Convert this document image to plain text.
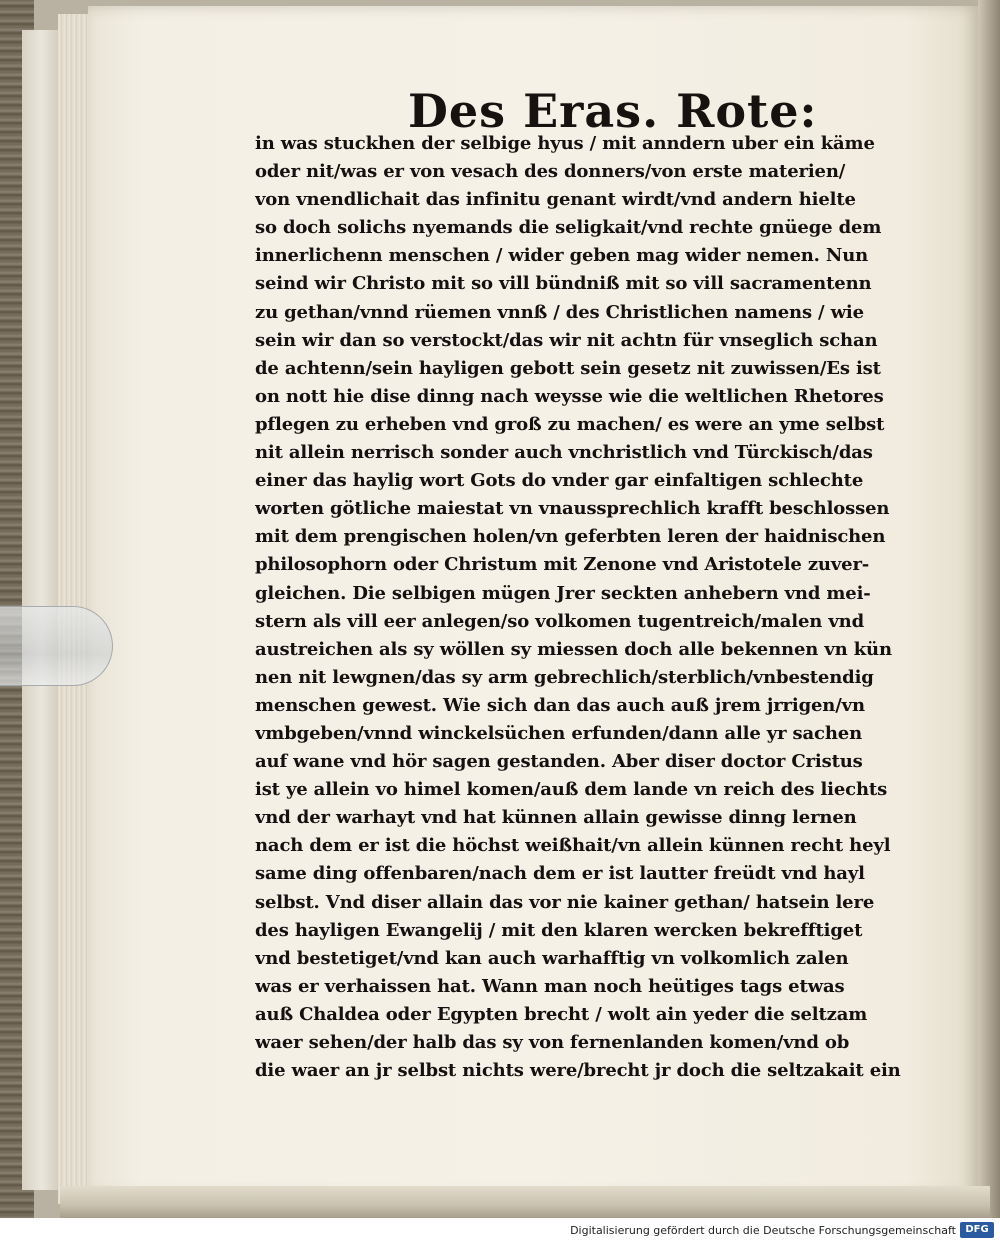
Des Eras. Rote:
in was stuckhen der selbige hyus / mit anndern uber ein käme
oder nit/was er von vesach des donners/von erste materien/
von vnendlichait das infinitu genant wirdt/vnd andern hielte
so doch solichs nyemands die seligkait/vnd rechte gnüege dem
innerlichenn menschen / wider geben mag wider nemen. Nun
seind wir Christo mit so vill bündniß mit so vill sacramentenn
zu gethan/vnnd rüemen vnnß / des Christlichen namens / wie
sein wir dan so verstockt/das wir nit achtn für vnseglich schan
de achtenn/sein hayligen gebott sein gesetz nit zuwissen/Es ist
on nott hie dise dinng nach weysse wie die weltlichen Rhetores
pflegen zu erheben vnd groß zu machen/ es were an yme selbst
nit allein nerrisch sonder auch vnchristlich vnd Türckisch/das
einer das haylig wort Gots do vnder gar einfaltigen schlechte
worten götliche maiestat vn vnaussprechlich krafft beschlossen
mit dem prengischen holen/vn geferbten leren der haidnischen
philosophorn oder Christum mit Zenone vnd Aristotele zuver-
gleichen. Die selbigen mügen Jrer seckten anhebern vnd mei-
stern als vill eer anlegen/so volkomen tugentreich/malen vnd
austreichen als sy wöllen sy miessen doch alle bekennen vn kün
nen nit lewgnen/das sy arm gebrechlich/sterblich/vnbestendig
menschen gewest. Wie sich dan das auch auß jrem jrrigen/vn
vmbgeben/vnnd winckelsüchen erfunden/dann alle yr sachen
auf wane vnd hör sagen gestanden. Aber diser doctor Cristus
ist ye allein vo himel komen/auß dem lande vn reich des liechts
vnd der warhayt vnd hat künnen allain gewisse dinng lernen
nach dem er ist die höchst weißhait/vn allein künnen recht heyl
same ding offenbaren/nach dem er ist lautter freüdt vnd hayl
selbst. Vnd diser allain das vor nie kainer gethan/ hatsein lere
des hayligen Ewangelij / mit den klaren wercken bekrefftiget
vnd bestetiget/vnd kan auch warhafftig vn volkomlich zalen
was er verhaissen hat. Wann man noch heütiges tags etwas
auß Chaldea oder Egypten brecht / wolt ain yeder die seltzam
waer sehen/der halb das sy von fernenlanden komen/vnd ob
die waer an jr selbst nichts were/brecht jr doch die seltzakait ein
Digitalisierung gefördert durch die Deutsche Forschungsgemeinschaft DFG
